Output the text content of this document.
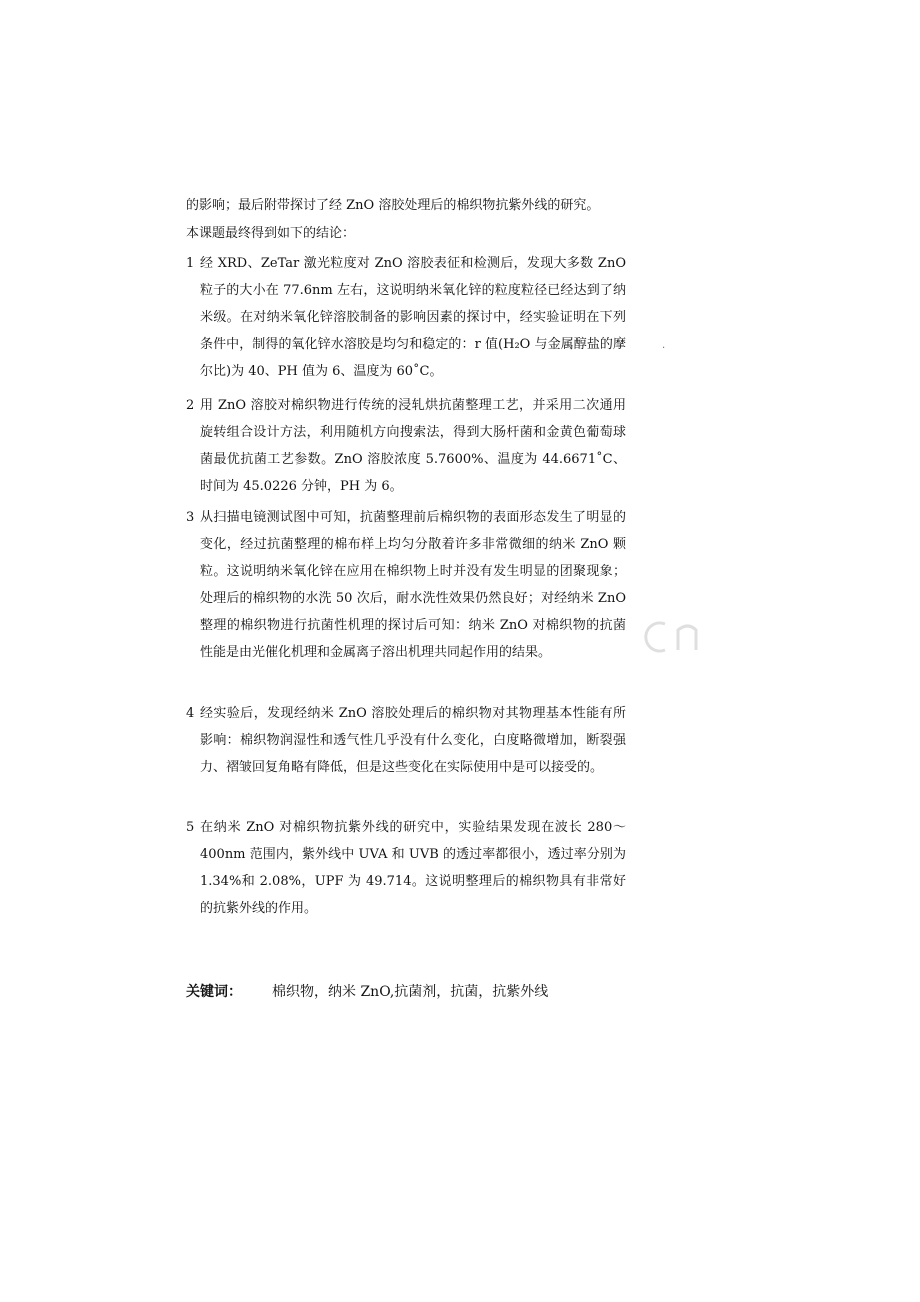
的影响；最后附带探讨了经 ZnO 溶胶处理后的棉织物抗紫外线的研究。

本课题最终得到如下的结论：

1 经 XRD、ZeTar 激光粒度对 ZnO 溶胶表征和检测后，发现大多数 ZnO 粒子的大小在 77.6nm 左右，这说明纳米氧化锌的粒度粒径已经达到了纳米级。在对纳米氧化锌溶胶制备的影响因素的探讨中，经实验证明在下列条件中，制得的氧化锌水溶胶是均匀和稳定的：r 值(H₂O 与金属醇盐的摩尔比)为 40、PH 值为 6、温度为 60˚C。
2 用 ZnO 溶胶对棉织物进行传统的浸轧烘抗菌整理工艺，并采用二次通用旋转组合设计方法，利用随机方向搜索法，得到大肠杆菌和金黄色葡萄球菌最优抗菌工艺参数。ZnO 溶胶浓度 5.7600%、温度为 44.6671˚C、时间为 45.0226 分钟，PH 为 6。
3 从扫描电镜测试图中可知，抗菌整理前后棉织物的表面形态发生了明显的变化，经过抗菌整理的棉布样上均匀分散着许多非常微细的纳米 ZnO 颗粒。这说明纳米氧化锌在应用在棉织物上时并没有发生明显的团聚现象；处理后的棉织物的水洗 50 次后，耐水洗性效果仍然良好；对经纳米 ZnO 整理的棉织物进行抗菌性机理的探讨后可知：纳米 ZnO 对棉织物的抗菌性能是由光催化机理和金属离子溶出机理共同起作用的结果。
4 经实验后，发现经纳米 ZnO 溶胶处理后的棉织物对其物理基本性能有所影响：棉织物润湿性和透气性几乎没有什么变化，白度略微增加，断裂强力、褶皱回复角略有降低，但是这些变化在实际使用中是可以接受的。
5 在纳米 ZnO 对棉织物抗紫外线的研究中，实验结果发现在波长 280～400nm 范围内，紫外线中 UVA 和 UVB 的透过率都很小，透过率分别为 1.34%和 2.08%，UPF 为 49.714。这说明整理后的棉织物具有非常好的抗紫外线的作用。
.
关键词： 棉织物，纳米 ZnO,抗菌剂，抗菌，抗紫外线
